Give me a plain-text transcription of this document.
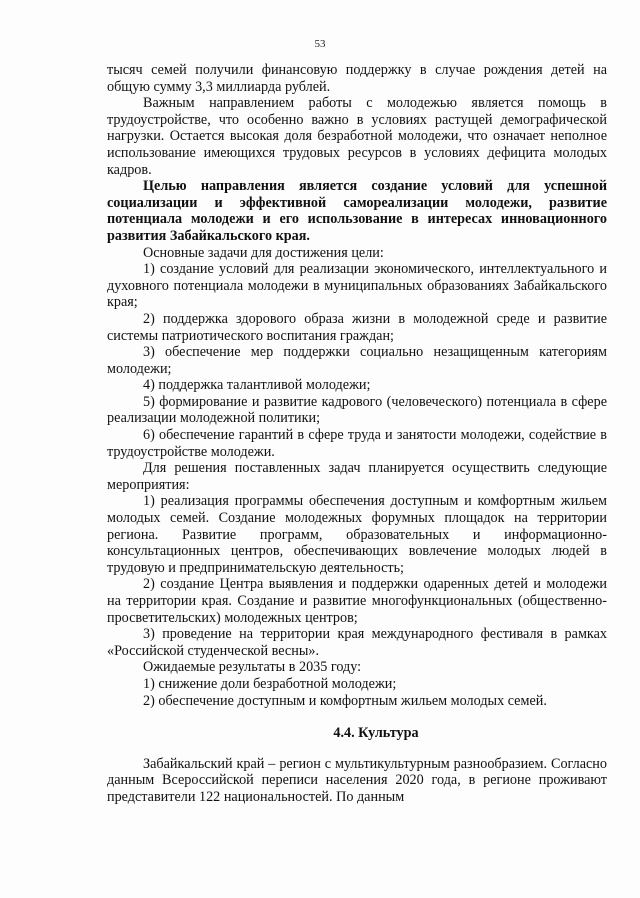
53

тысяч семей получили финансовую поддержку в случае рождения детей на общую сумму 3,3 миллиарда рублей.

Важным направлением работы с молодежью является помощь в трудоустройстве, что особенно важно в условиях растущей демографической нагрузки. Остается высокая доля безработной молодежи, что означает неполное использование имеющихся трудовых ресурсов в условиях дефицита молодых кадров.

Целью направления является создание условий для успешной социализации и эффективной самореализации молодежи, развитие потенциала молодежи и его использование в интересах инновационного развития Забайкальского края.

Основные задачи для достижения цели:

1) создание условий для реализации экономического, интеллектуального и духовного потенциала молодежи в муниципальных образованиях Забайкальского края;

2) поддержка здорового образа жизни в молодежной среде и развитие системы патриотического воспитания граждан;

3) обеспечение мер поддержки социально незащищенным категориям молодежи;

4) поддержка талантливой молодежи;

5) формирование и развитие кадрового (человеческого) потенциала в сфере реализации молодежной политики;

6) обеспечение гарантий в сфере труда и занятости молодежи, содействие в трудоустройстве молодежи.

Для решения поставленных задач планируется осуществить следующие мероприятия:

1) реализация программы обеспечения доступным и комфортным жильем молодых семей. Создание молодежных форумных площадок на территории региона. Развитие программ, образовательных и информационно-консультационных центров, обеспечивающих вовлечение молодых людей в трудовую и предпринимательскую деятельность;

2) создание Центра выявления и поддержки одаренных детей и молодежи на территории края. Создание и развитие многофункциональных (общественно-просветительских) молодежных центров;

3) проведение на территории края международного фестиваля в рамках «Российской студенческой весны».

Ожидаемые результаты в 2035 году:

1) снижение доли безработной молодежи;

2) обеспечение доступным и комфортным жильем молодых семей.

4.4. Культура

Забайкальский край – регион с мультикультурным разнообразием. Согласно данным Всероссийской переписи населения 2020 года, в регионе проживают представители 122 национальностей. По данным
